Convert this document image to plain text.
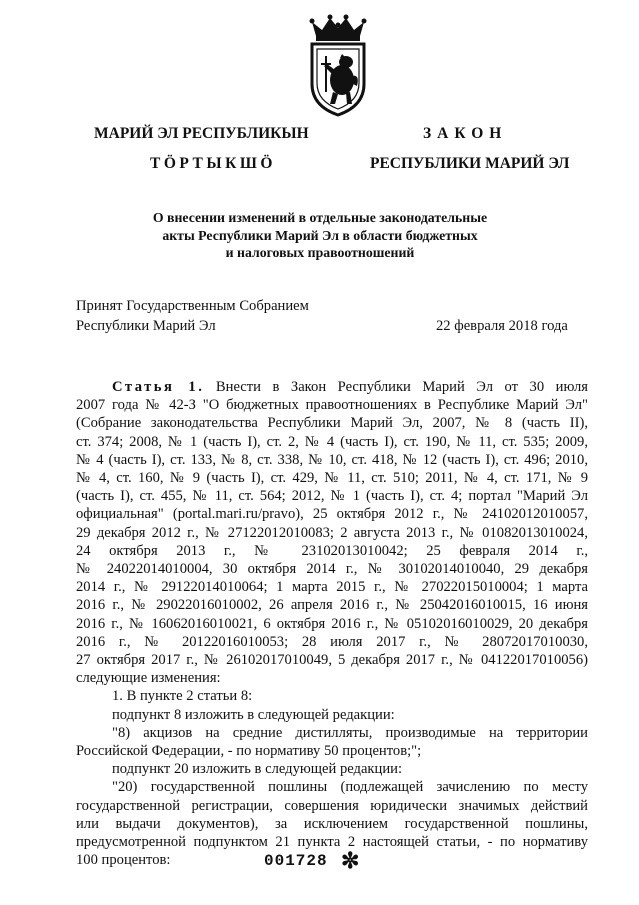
МАРИЙ ЭЛ РЕСПУБЛИКЫН
ТӦРТЫКШӦ
ЗАКОН
РЕСПУБЛИКИ МАРИЙ ЭЛ
О внесении изменений в отдельные законодательные
акты Республики Марий Эл в области бюджетных
и налоговых правоотношений
Принят Государственным Собранием
Республики Марий Эл	22 февраля 2018 года
Статья 1. Внести в Закон Республики Марий Эл от 30 июля
2007 года № 42-З "О бюджетных правоотношениях в Республике Марий Эл"
(Собрание законодательства Республики Марий Эл, 2007, № 8 (часть II),
ст. 374; 2008, № 1 (часть I), ст. 2, № 4 (часть I), ст. 190, № 11, ст. 535; 2009,
№ 4 (часть I), ст. 133, № 8, ст. 338, № 10, ст. 418, № 12 (часть I), ст. 496; 2010,
№ 4, ст. 160, № 9 (часть I), ст. 429, № 11, ст. 510; 2011, № 4, ст. 171, № 9
(часть I), ст. 455, № 11, ст. 564; 2012, № 1 (часть I), ст. 4; портал "Марий Эл
официальная" (portal.mari.ru/pravo), 25 октября 2012 г., № 24102012010057,
29 декабря 2012 г., № 27122012010083; 2 августа 2013 г., № 01082013010024,
24 октября 2013 г., № 23102013010042; 25 февраля 2014 г.,
№ 24022014010004, 30 октября 2014 г., № 30102014010040, 29 декабря
2014 г., № 29122014010064; 1 марта 2015 г., № 27022015010004; 1 марта
2016 г., № 29022016010002, 26 апреля 2016 г., № 25042016010015, 16 июня
2016 г., № 16062016010021, 6 октября 2016 г., № 05102016010029, 20 декабря
2016 г., № 20122016010053; 28 июля 2017 г., № 28072017010030,
27 октября 2017 г., № 26102017010049, 5 декабря 2017 г., № 04122017010056)
следующие изменения:
1. В пункте 2 статьи 8:
подпункт 8 изложить в следующей редакции:
"8) акцизов на средние дистилляты, производимые на территории
Российской Федерации, - по нормативу 50 процентов;";
подпункт 20 изложить в следующей редакции:
"20) государственной пошлины (подлежащей зачислению по месту
государственной регистрации, совершения юридически значимых действий
или выдачи документов), за исключением государственной пошлины,
предусмотренной подпунктом 21 пункта 2 настоящей статьи, - по нормативу
100 процентов:	001728 ✼
